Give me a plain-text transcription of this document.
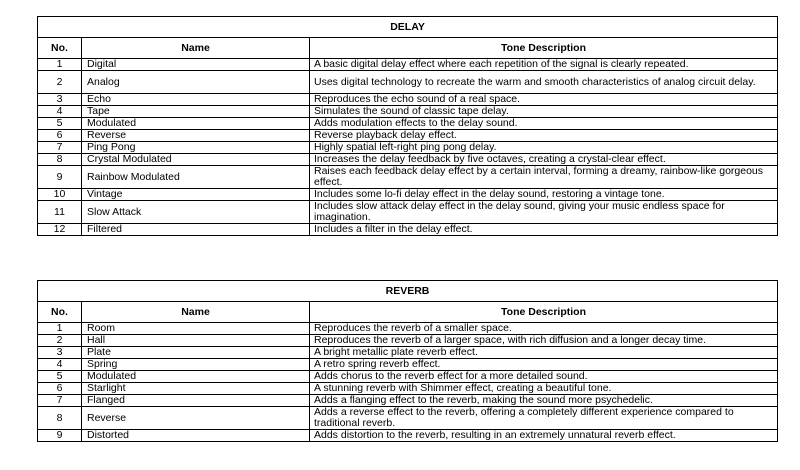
DELAY		
No.	Name	Tone Description
1	Digital	A basic digital delay effect where each repetition of the signal is clearly repeated.
2	Analog	Uses digital technology to recreate the warm and smooth characteristics of analog circuit delay.
3	Echo	Reproduces the echo sound of a real space.
4	Tape	Simulates the sound of classic tape delay.
5	Modulated	Adds modulation effects to the delay sound.
6	Reverse	Reverse playback delay effect.
7	Ping Pong	Highly spatial left-right ping pong delay.
8	Crystal Modulated	Increases the delay feedback by five octaves, creating a crystal-clear effect.
9	Rainbow Modulated	Raises each feedback delay effect by a certain interval, forming a dreamy, rainbow-like gorgeous effect.
10	Vintage	Includes some lo-fi delay effect in the delay sound, restoring a vintage tone.
11	Slow Attack	Includes slow attack delay effect in the delay sound, giving your music endless space for imagination.
12	Filtered	Includes a filter in the delay effect.
REVERB		
No.	Name	Tone Description
1	Room	Reproduces the reverb of a smaller space.
2	Hall	Reproduces the reverb of a larger space, with rich diffusion and a longer decay time.
3	Plate	A bright metallic plate reverb effect.
4	Spring	A retro spring reverb effect.
5	Modulated	Adds chorus to the reverb effect for a more detailed sound.
6	Starlight	A stunning reverb with Shimmer effect, creating a beautiful tone.
7	Flanged	Adds a flanging effect to the reverb, making the sound more psychedelic.
8	Reverse	Adds a reverse effect to the reverb, offering a completely different experience compared to traditional reverb.
9	Distorted	Adds distortion to the reverb, resulting in an extremely unnatural reverb effect.
